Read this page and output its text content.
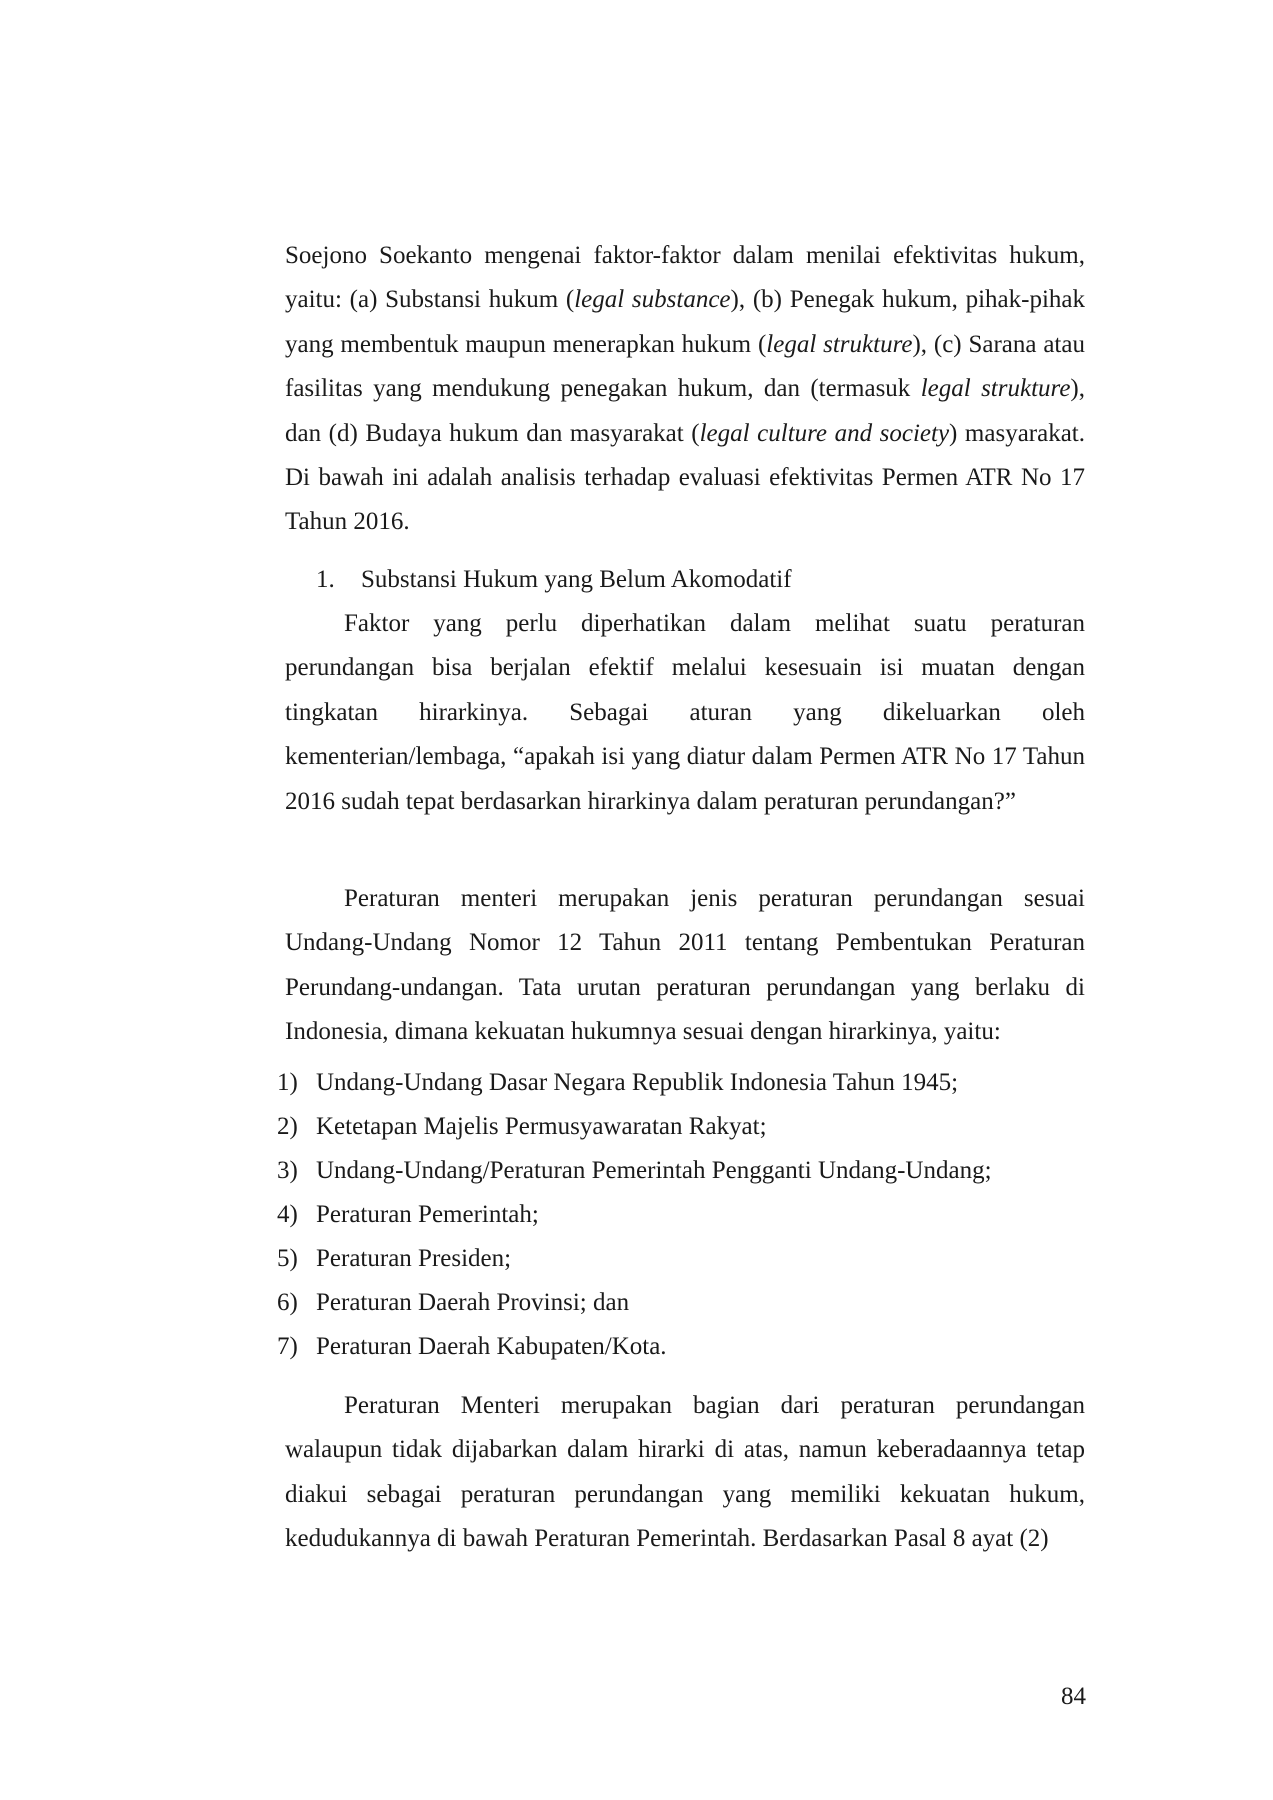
Soejono Soekanto mengenai faktor-faktor dalam menilai efektivitas hukum, yaitu: (a) Substansi hukum (legal substance), (b) Penegak hukum, pihak-pihak yang membentuk maupun menerapkan hukum (legal strukture), (c) Sarana atau fasilitas yang mendukung penegakan hukum, dan (termasuk legal strukture), dan (d) Budaya hukum dan masyarakat (legal culture and society) masyarakat. Di bawah ini adalah analisis terhadap evaluasi efektivitas Permen ATR No 17 Tahun 2016.

1. Substansi Hukum yang Belum Akomodatif

Faktor yang perlu diperhatikan dalam melihat suatu peraturan perundangan bisa berjalan efektif melalui kesesuain isi muatan dengan tingkatan hirarkinya. Sebagai aturan yang dikeluarkan oleh kementerian/lembaga, “apakah isi yang diatur dalam Permen ATR No 17 Tahun 2016 sudah tepat berdasarkan hirarkinya dalam peraturan perundangan?”

Peraturan menteri merupakan jenis peraturan perundangan sesuai Undang-Undang Nomor 12 Tahun 2011 tentang Pembentukan Peraturan Perundang-undangan. Tata urutan peraturan perundangan yang berlaku di Indonesia, dimana kekuatan hukumnya sesuai dengan hirarkinya, yaitu:

1) Undang-Undang Dasar Negara Republik Indonesia Tahun 1945;
2) Ketetapan Majelis Permusyawaratan Rakyat;
3) Undang-Undang/Peraturan Pemerintah Pengganti Undang-Undang;
4) Peraturan Pemerintah;
5) Peraturan Presiden;
6) Peraturan Daerah Provinsi; dan
7) Peraturan Daerah Kabupaten/Kota.

Peraturan Menteri merupakan bagian dari peraturan perundangan walaupun tidak dijabarkan dalam hirarki di atas, namun keberadaannya tetap diakui sebagai peraturan perundangan yang memiliki kekuatan hukum, kedudukannya di bawah Peraturan Pemerintah. Berdasarkan Pasal 8 ayat (2)

84
